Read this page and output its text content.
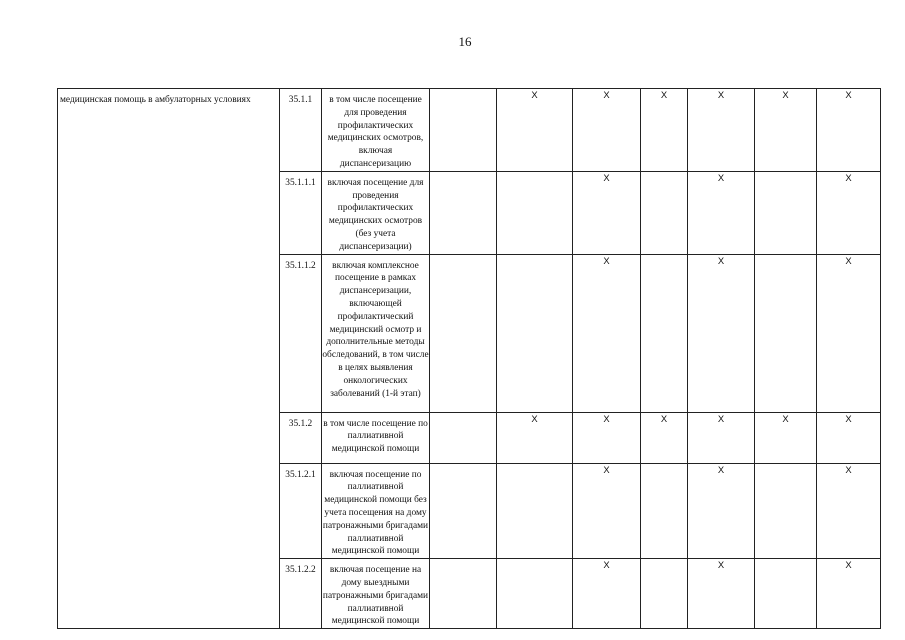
16
медицинская помощь в амбулаторных условиях	35.1.1	в том числе посещение для проведения профилактических медицинских осмотров, включая диспансеризацию		Х	Х	Х	Х	Х	Х
	35.1.1.1	включая посещение для проведения профилактических медицинских осмотров (без учета диспансеризации)			Х		Х		Х
	35.1.1.2	включая комплексное посещение в рамках диспансеризации, включающей профилактический медицинский осмотр и дополнительные методы обследований, в том числе в целях выявления онкологических заболеваний (1-й этап)			Х		Х		Х
	35.1.2	в том числе посещение по паллиативной медицинской помощи		Х	Х	Х	Х	Х	Х
	35.1.2.1	включая посещение по паллиативной медицинской помощи без учета посещения на дому патронажными бригадами паллиативной медицинской помощи			Х		Х		Х
	35.1.2.2	включая посещение на дому выездными патронажными бригадами паллиативной медицинской помощи			Х		Х		Х
